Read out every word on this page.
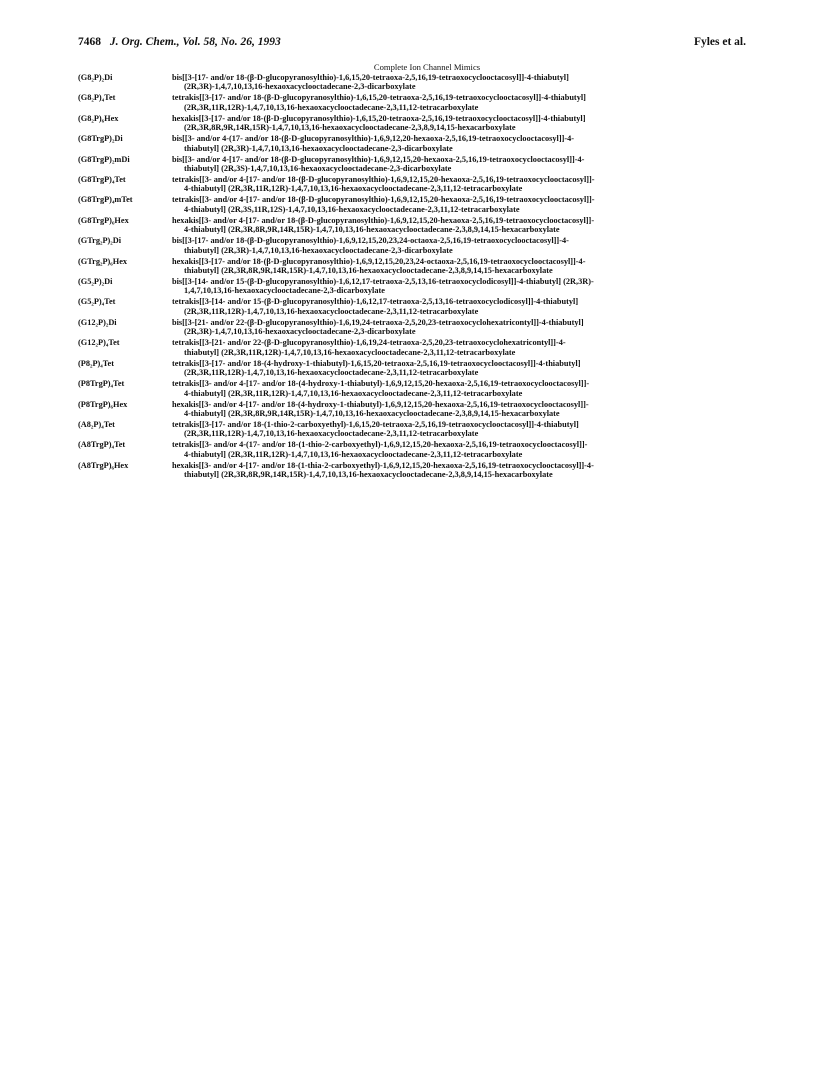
7468 J. Org. Chem., Vol. 58, No. 26, 1993	Fyles et al.
Complete Ion Channel Mimics
(G8₂P)₂Di	bis[[3-[17- and/or 18-(β-D-glucopyranosylthio)-1,6,15,20-tetraoxa-2,5,16,19-tetraoxocyclooctacosyl]]-4-thiabutyl]
(2R,3R)-1,4,7,10,13,16-hexaoxacyclooctadecane-2,3-dicarboxylate

(G8₂P)₄Tet	tetrakis[[3-[17- and/or 18-(β-D-glucopyranosylthio)-1,6,15,20-tetraoxa-2,5,16,19-tetraoxocyclooctacosyl]]-4-thiabutyl]
(2R,3R,11R,12R)-1,4,7,10,13,16-hexaoxacyclooctadecane-2,3,11,12-tetracarboxylate

(G8₂P)₆Hex	hexakis[[3-[17- and/or 18-(β-D-glucopyranosylthio)-1,6,15,20-tetraoxa-2,5,16,19-tetraoxocyclooctacosyl]]-4-thiabutyl]
(2R,3R,8R,9R,14R,15R)-1,4,7,10,13,16-hexaoxacyclooctadecane-2,3,8,9,14,15-hexacarboxylate

(G8TrgP)₂Di	bis[[3- and/or 4-(17- and/or 18-(β-D-glucopyranosylthio)-1,6,9,12,20-hexaoxa-2,5,16,19-tetraoxocyclooctacosyl]]-4-
thiabutyl] (2R,3R)-1,4,7,10,13,16-hexaoxacyclooctadecane-2,3-dicarboxylate

(G8TrgP)₂mDi	bis[[3- and/or 4-[17- and/or 18-(β-D-glucopyranosylthio)-1,6,9,12,15,20-hexaoxa-2,5,16,19-tetraoxocyclooctacosyl]]-4-
thiabutyl] (2R,3S)-1,4,7,10,13,16-hexaoxacyclooctadecane-2,3-dicarboxylate

(G8TrgP)₄Tet	tetrakis[[3- and/or 4-[17- and/or 18-(β-D-glucopyranosylthio)-1,6,9,12,15,20-hexaoxa-2,5,16,19-tetraoxocyclooctacosyl]]-
4-thiabutyl] (2R,3R,11R,12R)-1,4,7,10,13,16-hexaoxacyclooctadecane-2,3,11,12-tetracarboxylate

(G8TrgP)₄mTet	tetrakis[[3- and/or 4-[17- and/or 18-(β-D-glucopyranosylthio)-1,6,9,12,15,20-hexaoxa-2,5,16,19-tetraoxocyclooctacosyl]]-
4-thiabutyl] (2R,3S,11R,12S)-1,4,7,10,13,16-hexaoxacyclooctadecane-2,3,11,12-tetracarboxylate

(G8TrgP)₆Hex	hexakis[[3- and/or 4-[17- and/or 18-(β-D-glucopyranosylthio)-1,6,9,12,15,20-hexaoxa-2,5,16,19-tetraoxocyclooctacosyl]]-
4-thiabutyl] (2R,3R,8R,9R,14R,15R)-1,4,7,10,13,16-hexaoxacyclooctadecane-2,3,8,9,14,15-hexacarboxylate

(GTrg₂P)₂Di	bis[[3-[17- and/or 18-(β-D-glucopyranosylthio)-1,6,9,12,15,20,23,24-octaoxa-2,5,16,19-tetraoxocyclooctacosyl]]-4-
thiabutyl] (2R,3R)-1,4,7,10,13,16-hexaoxacyclooctadecane-2,3-dicarboxylate

(GTrg₂P)₆Hex	hexakis[[3-[17- and/or 18-(β-D-glucopyranosylthio)-1,6,9,12,15,20,23,24-octaoxa-2,5,16,19-tetraoxocyclooctacosyl]]-4-
thiabutyl] (2R,3R,8R,9R,14R,15R)-1,4,7,10,13,16-hexaoxacyclooctadecane-2,3,8,9,14,15-hexacarboxylate

(G5₂P)₂Di	bis[[3-[14- and/or 15-(β-D-glucopyranosylthio)-1,6,12,17-tetraoxa-2,5,13,16-tetraoxocyclodicosyl]]-4-thiabutyl] (2R,3R)-
1,4,7,10,13,16-hexaoxacyclooctadecane-2,3-dicarboxylate

(G5₂P)₄Tet	tetrakis[[3-[14- and/or 15-(β-D-glucopyranosylthio)-1,6,12,17-tetraoxa-2,5,13,16-tetraoxocyclodicosyl]]-4-thiabutyl]
(2R,3R,11R,12R)-1,4,7,10,13,16-hexaoxacyclooctadecane-2,3,11,12-tetracarboxylate

(G12₂P)₂Di	bis[[3-[21- and/or 22-(β-D-glucopyranosylthio)-1,6,19,24-tetraoxa-2,5,20,23-tetraoxocyclohexatricontyl]]-4-thiabutyl]
(2R,3R)-1,4,7,10,13,16-hexaoxacyclooctadecane-2,3-dicarboxylate

(G12₂P)₄Tet	tetrakis[[3-[21- and/or 22-(β-D-glucopyranosylthio)-1,6,19,24-tetraoxa-2,5,20,23-tetraoxocyclohexatricontyl]]-4-
thiabutyl] (2R,3R,11R,12R)-1,4,7,10,13,16-hexaoxacyclooctadecane-2,3,11,12-tetracarboxylate

(P8₂P)₄Tet	tetrakis[[3-[17- and/or 18-(4-hydroxy-1-thiabutyl)-1,6,15,20-tetraoxa-2,5,16,19-tetraoxocyclooctacosyl]]-4-thiabutyl]
(2R,3R,11R,12R)-1,4,7,10,13,16-hexaoxacyclooctadecane-2,3,11,12-tetracarboxylate

(P8TrgP)₄Tet	tetrakis[[3- and/or 4-[17- and/or 18-(4-hydroxy-1-thiabutyl)-1,6,9,12,15,20-hexaoxa-2,5,16,19-tetraoxocyclooctacosyl]]-
4-thiabutyl] (2R,3R,11R,12R)-1,4,7,10,13,16-hexaoxacyclooctadecane-2,3,11,12-tetracarboxylate

(P8TrgP)₆Hex	hexakis[[3- and/or 4-[17- and/or 18-(4-hydroxy-1-thiabutyl)-1,6,9,12,15,20-hexaoxa-2,5,16,19-tetraoxocyclooctacosyl]]-
4-thiabutyl] (2R,3R,8R,9R,14R,15R)-1,4,7,10,13,16-hexaoxacyclooctadecane-2,3,8,9,14,15-hexacarboxylate

(A8₂P)₄Tet	tetrakis[[3-[17- and/or 18-(1-thio-2-carboxyethyl)-1,6,15,20-tetraoxa-2,5,16,19-tetraoxocyclooctacosyl]]-4-thiabutyl]
(2R,3R,11R,12R)-1,4,7,10,13,16-hexaoxacyclooctadecane-2,3,11,12-tetracarboxylate

(A8TrgP)₄Tet	tetrakis[[3- and/or 4-(17- and/or 18-(1-thio-2-carboxyethyl)-1,6,9,12,15,20-hexaoxa-2,5,16,19-tetraoxocyclooctacosyl]]-
4-thiabutyl] (2R,3R,11R,12R)-1,4,7,10,13,16-hexaoxacyclooctadecane-2,3,11,12-tetracarboxylate

(A8TrgP)₆Hex	hexakis[[3- and/or 4-[17- and/or 18-(1-thia-2-carboxyethyl)-1,6,9,12,15,20-hexaoxa-2,5,16,19-tetraoxocyclooctacosyl]]-4-
thiabutyl] (2R,3R,8R,9R,14R,15R)-1,4,7,10,13,16-hexaoxacyclooctadecane-2,3,8,9,14,15-hexacarboxylate
